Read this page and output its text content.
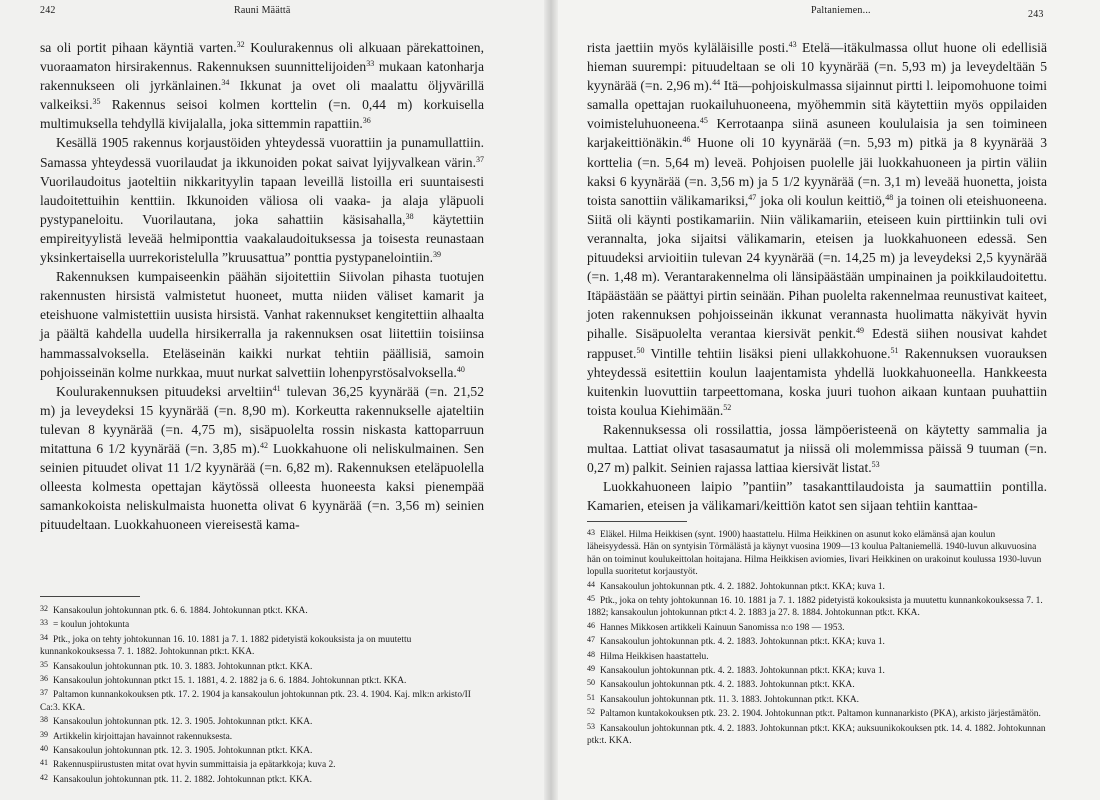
242	Rauni Määttä

sa oli portit pihaan käyntiä varten.$^{32}$ Koulurakennus oli alkuaan pärekattoinen, vuoraamaton hirsirakennus. Rakennuksen suunnittelijoiden$^{33}$ mukaan katonharja rakennukseen oli jyrkänlainen.$^{34}$ Ikkunat ja ovet oli maalattu öljyvärillä valkeiksi.$^{35}$ Rakennus seisoi kolmen korttelin (=n. 0,44 m) korkuisella multimuksella tehdyllä kivijalalla, joka sittemmin rapattiin.$^{36}$

Kesällä 1905 rakennus korjaustöiden yhteydessä vuorattiin ja punamullattiin. Samassa yhteydessä vuorilaudat ja ikkunoiden pokat saivat lyijyvalkean värin.$^{37}$ Vuorilaudoitus jaoteltiin nikkarityylin tapaan leveillä listoilla eri suuntaisesti laudoitettuihin kenttiin. Ikkunoiden väliosa oli vaaka- ja alaja yläpuoli pystypaneloitu. Vuorilautana, joka sahattiin käsisahalla,$^{38}$ käytettiin empireityylistä leveää helmiponttia vaakalaudoituksessa ja toisesta reunastaan yksinkertaisella uurrekoristelulla ”kruusattua” ponttia pystypanelointiin.$^{39}$

Rakennuksen kumpaiseenkin päähän sijoitettiin Siivolan pihasta tuotujen rakennusten hirsistä valmistetut huoneet, mutta niiden väliset kamarit ja eteishuone valmistettiin uusista hirsistä. Vanhat rakennukset kengitettiin alhaalta ja päältä kahdella uudella hirsikerralla ja rakennuksen osat liitettiin toisiinsa hammassalvoksella. Eteläseinän kaikki nurkat tehtiin päällisiä, samoin pohjoisseinän kolme nurkkaa, muut nurkat salvettiin lohenpyrstösalvoksella.$^{40}$

Koulurakennuksen pituudeksi arveltiin$^{41}$ tulevan 36,25 kyynärää (=n. 21,52 m) ja leveydeksi 15 kyynärää (=n. 8,90 m). Korkeutta rakennukselle ajateltiin tulevan 8 kyynärää (=n. 4,75 m), sisäpuolelta rossin niskasta kattoparruun mitattuna 6 1/2 kyynärää (=n. 3,85 m).$^{42}$ Luokkahuone oli neliskulmainen. Sen seinien pituudet olivat 11 1/2 kyynärää (=n. 6,82 m). Rakennuksen eteläpuolella olleesta kolmesta opettajan käytössä olleesta huoneesta kaksi pienempää samankokoista neliskulmaista huonetta olivat 6 kyynärää (=n. 3,56 m) seinien pituudeltaan. Luokkahuoneen viereisestä kama-

32 Kansakoulun johtokunnan ptk. 6. 6. 1884. Johtokunnan ptk:t. KKA.
33 = koulun johtokunta
34 Ptk., joka on tehty johtokunnan 16. 10. 1881 ja 7. 1. 1882 pidetyistä kokouksista ja on muutettu kunnankokouksessa 7. 1. 1882. Johtokunnan ptk:t. KKA.
35 Kansakoulun johtokunnan ptk. 10. 3. 1883. Johtokunnan ptk:t. KKA.
36 Kansakoulun johtokunnan ptk:t 15. 1. 1881, 4. 2. 1882 ja 6. 6. 1884. Johtokunnan ptk:t. KKA.
37 Paltamon kunnankokouksen ptk. 17. 2. 1904 ja kansakoulun johtokunnan ptk. 23. 4. 1904. Kaj. mlk:n arkisto/II Ca:3. KKA.
38 Kansakoulun johtokunnan ptk. 12. 3. 1905. Johtokunnan ptk:t. KKA.
39 Artikkelin kirjoittajan havainnot rakennuksesta.
40 Kansakoulun johtokunnan ptk. 12. 3. 1905. Johtokunnan ptk:t. KKA.
41 Rakennuspiirustusten mitat ovat hyvin summittaisia ja epätarkkoja; kuva 2.
42 Kansakoulun johtokunnan ptk. 11. 2. 1882. Johtokunnan ptk:t. KKA.
Paltaniemen...	243

rista jaettiin myös kyläläisille posti.$^{43}$ Etelä—itäkulmassa ollut huone oli edellisiä hieman suurempi: pituudeltaan se oli 10 kyynärää (=n. 5,93 m) ja leveydeltään 5 kyynärää (=n. 2,96 m).$^{44}$ Itä—pohjoiskulmassa sijainnut pirtti l. leipomohuone toimi samalla opettajan ruokailuhuoneena, myöhemmin sitä käytettiin myös oppilaiden voimisteluhuoneena.$^{45}$ Kerrotaanpa siinä asuneen koululaisia ja sen toimineen karjakeittiönäkin.$^{46}$ Huone oli 10 kyynärää (=n. 5,93 m) pitkä ja 8 kyynärää 3 korttelia (=n. 5,64 m) leveä. Pohjoisen puolelle jäi luokkahuoneen ja pirtin väliin kaksi 6 kyynärää (=n. 3,56 m) ja 5 1/2 kyynärää (=n. 3,1 m) leveää huonetta, joista toista sanottiin välikamariksi,$^{47}$ joka oli koulun keittiö,$^{48}$ ja toinen oli eteishuoneena. Siitä oli käynti postikamariin. Niin välikamariin, eteiseen kuin pirttiinkin tuli ovi verannalta, joka sijaitsi välikamarin, eteisen ja luokkahuoneen edessä. Sen pituudeksi arvioitiin tulevan 24 kyynärää (=n. 14,25 m) ja leveydeksi 2,5 kyynärää (=n. 1,48 m). Verantarakennelma oli länsipäästään umpinainen ja poikkilaudoitettu. Itäpäästään se päättyi pirtin seinään. Pihan puolelta rakennelmaa reunustivat kaiteet, joten rakennuksen pohjoisseinän ikkunat verannasta huolimatta näkyivät hyvin pihalle. Sisäpuolelta verantaa kiersivät penkit.$^{49}$ Edestä siihen nousivat kahdet rappuset.$^{50}$ Vintille tehtiin lisäksi pieni ullakkohuone.$^{51}$ Rakennuksen vuorauksen yhteydessä esitettiin koulun laajentamista yhdellä luokkahuoneella. Hankkeesta kuitenkin luovuttiin tarpeettomana, koska juuri tuohon aikaan kuntaan puuhattiin toista koulua Kiehimään.$^{52}$

Rakennuksessa oli rossilattia, jossa lämpöeristeenä on käytetty sammalia ja multaa. Lattiat olivat tasasaumatut ja niissä oli molemmissa päissä 9 tuuman (=n. 0,27 m) palkit. Seinien rajassa lattiaa kiersivät listat.$^{53}$

Luokkahuoneen laipio ”pantiin” tasakanttilaudoista ja saumattiin pontilla. Kamarien, eteisen ja välikamari/keittiön katot sen sijaan tehtiin kanttaa-

43 Eläkel. Hilma Heikkisen (synt. 1900) haastattelu. Hilma Heikkinen on asunut koko elämänsä ajan koulun läheisyydessä. Hän on syntyisin Törmälästä ja käynyt vuosina 1909—13 koulua Paltaniemellä. 1940-luvun alkuvuosina hän on toiminut koulukeittolan hoitajana. Hilma Heikkisen aviomies, Iivari Heikkinen on urakoinut koulussa 1930-luvun lopulla suoritetut korjaustyöt.
44 Kansakoulun johtokunnan ptk. 4. 2. 1882. Johtokunnan ptk:t. KKA; kuva 1.
45 Ptk., joka on tehty johtokunnan 16. 10. 1881 ja 7. 1. 1882 pidetyistä kokouksista ja muutettu kunnankokouksessa 7. 1. 1882; kansakoulun johtokunnan ptk:t 4. 2. 1883 ja 27. 8. 1884. Johtokunnan ptk:t. KKA.
46 Hannes Mikkosen artikkeli Kainuun Sanomissa n:o 198 — 1953.
47 Kansakoulun johtokunnan ptk. 4. 2. 1883. Johtokunnan ptk:t. KKA; kuva 1.
48 Hilma Heikkisen haastattelu.
49 Kansakoulun johtokunnan ptk. 4. 2. 1883. Johtokunnan ptk:t. KKA; kuva 1.
50 Kansakoulun johtokunnan ptk. 4. 2. 1883. Johtokunnan ptk:t. KKA.
51 Kansakoulun johtokunnan ptk. 11. 3. 1883. Johtokunnan ptk:t. KKA.
52 Paltamon kuntakokouksen ptk. 23. 2. 1904. Johtokunnan ptk:t. Paltamon kunnanarkisto (PKA), arkisto järjestämätön.
53 Kansakoulun johtokunnan ptk. 4. 2. 1883. Johtokunnan ptk:t. KKA; auksuunikokouksen ptk. 14. 4. 1882. Johtokunnan ptk:t. KKA.
